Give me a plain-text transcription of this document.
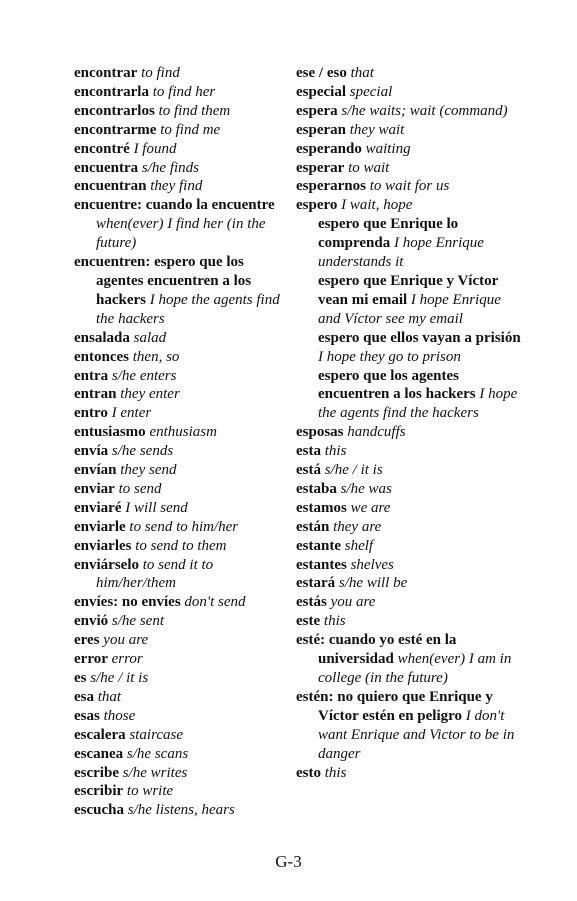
encontrar to find
encontrarla to find her
encontrarlos to find them
encontrarme to find me
encontré I found
encuentra s/he finds
encuentran they find
encuentre: cuando la encuentre when(ever) I find her (in the future)
encuentren: espero que los agentes encuentren a los hackers I hope the agents find the hackers
ensalada salad
entonces then, so
entra s/he enters
entran they enter
entro I enter
entusiasmo enthusiasm
envía s/he sends
envían they send
enviar to send
enviaré I will send
enviarle to send to him/her
enviarles to send to them
enviárselo to send it to him/her/them
envíes: no envíes don't send
envió s/he sent
eres you are
error error
es s/he / it is
esa that
esas those
escalera staircase
escanea s/he scans
escribe s/he writes
escribir to write
escucha s/he listens, hears
ese / eso that
especial special
espera s/he waits; wait (command)
esperan they wait
esperando waiting
esperar to wait
esperarnos to wait for us
espero I wait, hope
espero que Enrique lo comprenda I hope Enrique understands it
espero que Enrique y Víctor vean mi email I hope Enrique and Víctor see my email
espero que ellos vayan a prisión I hope they go to prison
espero que los agentes encuentren a los hackers I hope the agents find the hackers
esposas handcuffs
esta this
está s/he / it is
estaba s/he was
estamos we are
están they are
estante shelf
estantes shelves
estará s/he will be
estás you are
este this
esté: cuando yo esté en la universidad when(ever) I am in college (in the future)
estén: no quiero que Enrique y Víctor estén en peligro I don't want Enrique and Victor to be in danger
esto this
G-3
